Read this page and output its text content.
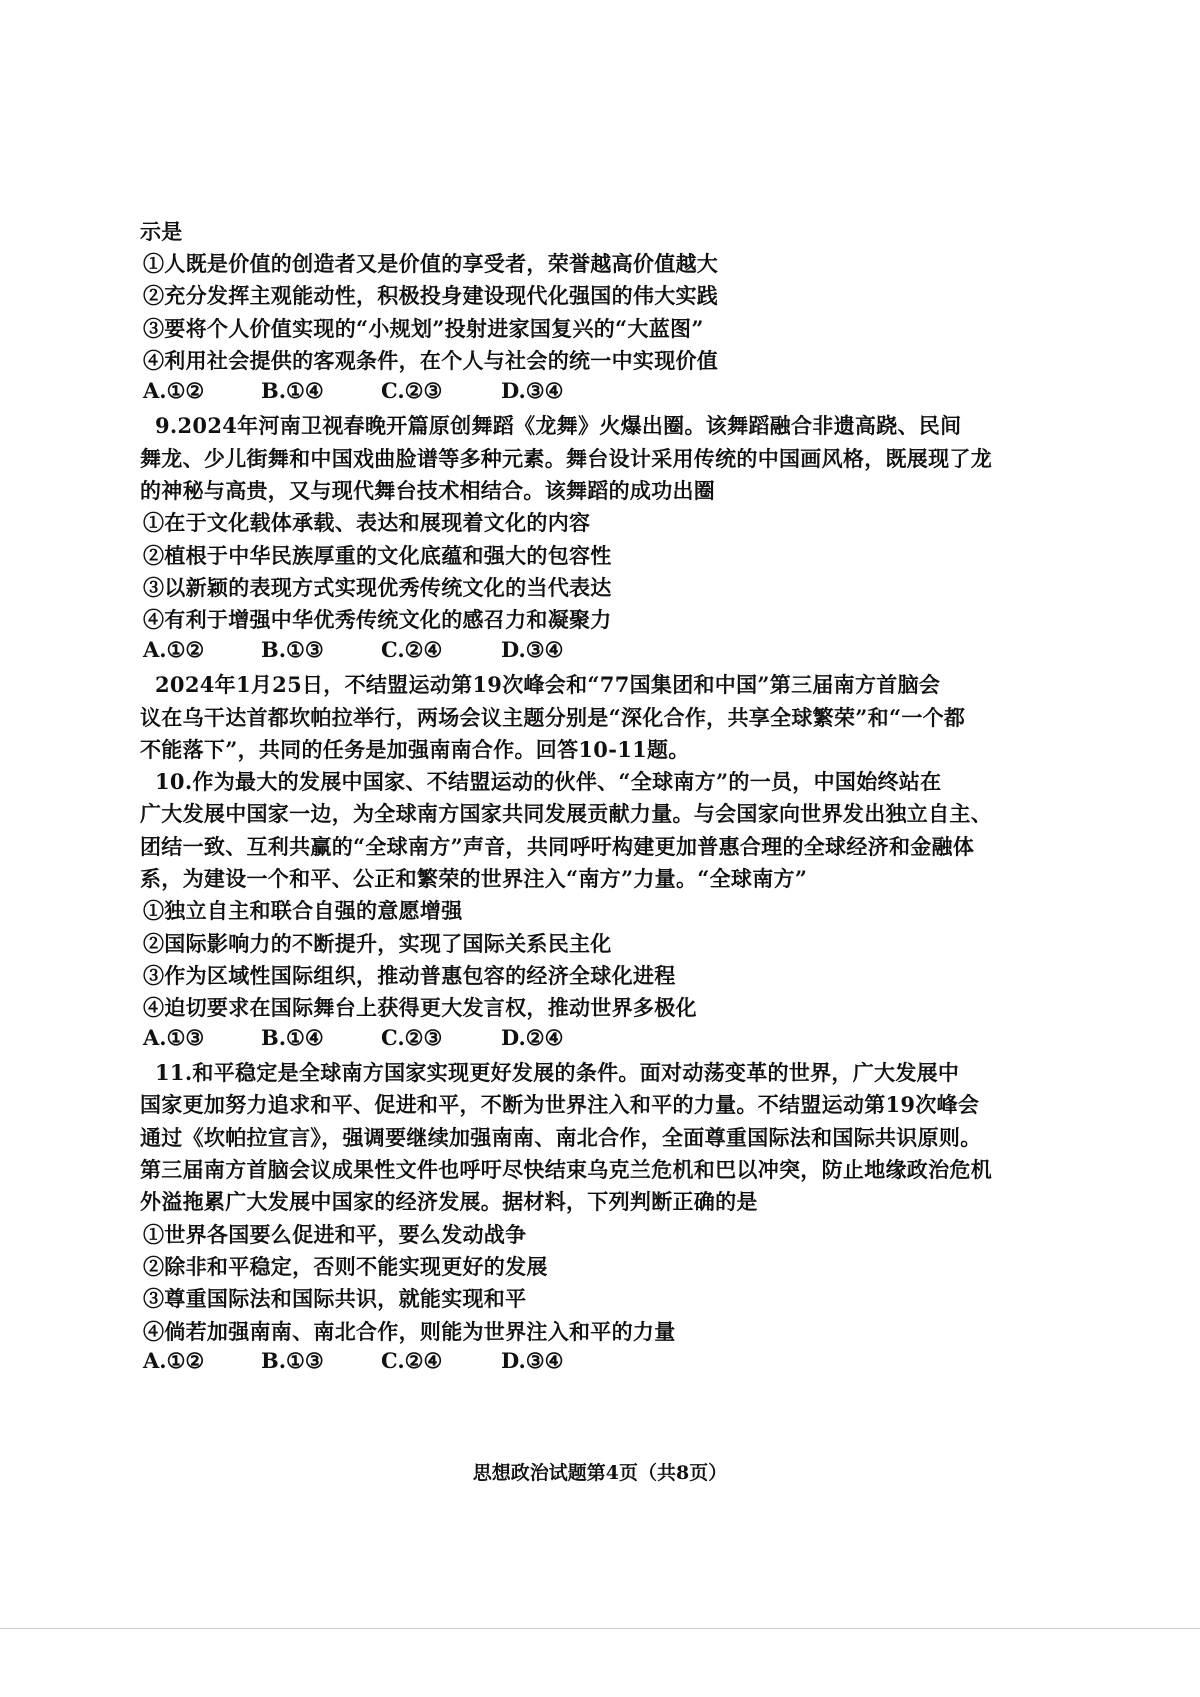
示是
①人既是价值的创造者又是价值的享受者，荣誉越高价值越大
②充分发挥主观能动性，积极投身建设现代化强国的伟大实践
③要将个人价值实现的“小规划”投射进家国复兴的“大蓝图”
④利用社会提供的客观条件，在个人与社会的统一中实现价值
A.①②	B.①④	C.②③	D.③④
9.2024年河南卫视春晚开篇原创舞蹈《龙舞》火爆出圈。该舞蹈融合非遗高跷、民间
舞龙、少儿街舞和中国戏曲脸谱等多种元素。舞台设计采用传统的中国画风格，既展现了龙
的神秘与高贵，又与现代舞台技术相结合。该舞蹈的成功出圈
①在于文化载体承载、表达和展现着文化的内容
②植根于中华民族厚重的文化底蕴和强大的包容性
③以新颖的表现方式实现优秀传统文化的当代表达
④有利于增强中华优秀传统文化的感召力和凝聚力
A.①②	B.①③	C.②④	D.③④
2024年1月25日，不结盟运动第19次峰会和“77国集团和中国”第三届南方首脑会
议在乌干达首都坎帕拉举行，两场会议主题分别是“深化合作，共享全球繁荣”和“一个都
不能落下”，共同的任务是加强南南合作。回答10-11题。
10.作为最大的发展中国家、不结盟运动的伙伴、“全球南方”的一员，中国始终站在
广大发展中国家一边，为全球南方国家共同发展贡献力量。与会国家向世界发出独立自主、
团结一致、互利共赢的“全球南方”声音，共同呼吁构建更加普惠合理的全球经济和金融体
系，为建设一个和平、公正和繁荣的世界注入“南方”力量。“全球南方”
①独立自主和联合自强的意愿增强
②国际影响力的不断提升，实现了国际关系民主化
③作为区域性国际组织，推动普惠包容的经济全球化进程
④迫切要求在国际舞台上获得更大发言权，推动世界多极化
A.①③	B.①④	C.②③	D.②④
11.和平稳定是全球南方国家实现更好发展的条件。面对动荡变革的世界，广大发展中
国家更加努力追求和平、促进和平，不断为世界注入和平的力量。不结盟运动第19次峰会
通过《坎帕拉宣言》，强调要继续加强南南、南北合作，全面尊重国际法和国际共识原则。
第三届南方首脑会议成果性文件也呼吁尽快结束乌克兰危机和巴以冲突，防止地缘政治危机
外溢拖累广大发展中国家的经济发展。据材料，下列判断正确的是
①世界各国要么促进和平，要么发动战争
②除非和平稳定，否则不能实现更好的发展
③尊重国际法和国际共识，就能实现和平
④倘若加强南南、南北合作，则能为世界注入和平的力量
A.①②	B.①③	C.②④	D.③④
思想政治试题第4页（共8页）
